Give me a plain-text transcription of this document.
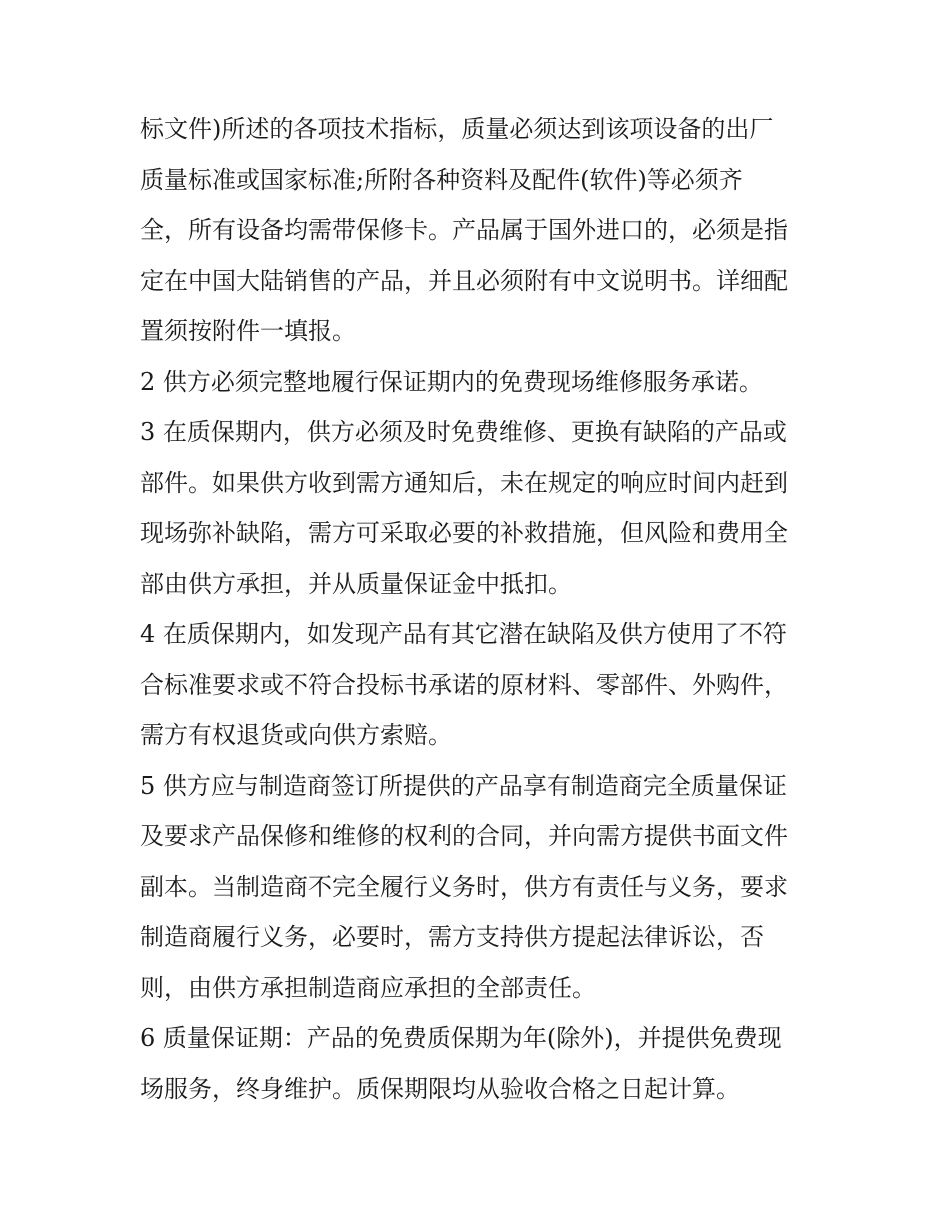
标文件)所述的各项技术指标，质量必须达到该项设备的出厂
质量标准或国家标准;所附各种资料及配件(软件)等必须齐
全，所有设备均需带保修卡。产品属于国外进口的，必须是指
定在中国大陆销售的产品，并且必须附有中文说明书。详细配
置须按附件一填报。

2 供方必须完整地履行保证期内的免费现场维修服务承诺。

3 在质保期内，供方必须及时免费维修、更换有缺陷的产品或
部件。如果供方收到需方通知后，未在规定的响应时间内赶到
现场弥补缺陷，需方可采取必要的补救措施，但风险和费用全
部由供方承担，并从质量保证金中抵扣。

4 在质保期内，如发现产品有其它潜在缺陷及供方使用了不符
合标准要求或不符合投标书承诺的原材料、零部件、外购件，
需方有权退货或向供方索赔。

5 供方应与制造商签订所提供的产品享有制造商完全质量保证
及要求产品保修和维修的权利的合同，并向需方提供书面文件
副本。当制造商不完全履行义务时，供方有责任与义务，要求
制造商履行义务，必要时，需方支持供方提起法律诉讼，否
则，由供方承担制造商应承担的全部责任。

6 质量保证期：产品的免费质保期为年(除外)，并提供免费现
场服务，终身维护。质保期限均从验收合格之日起计算。
